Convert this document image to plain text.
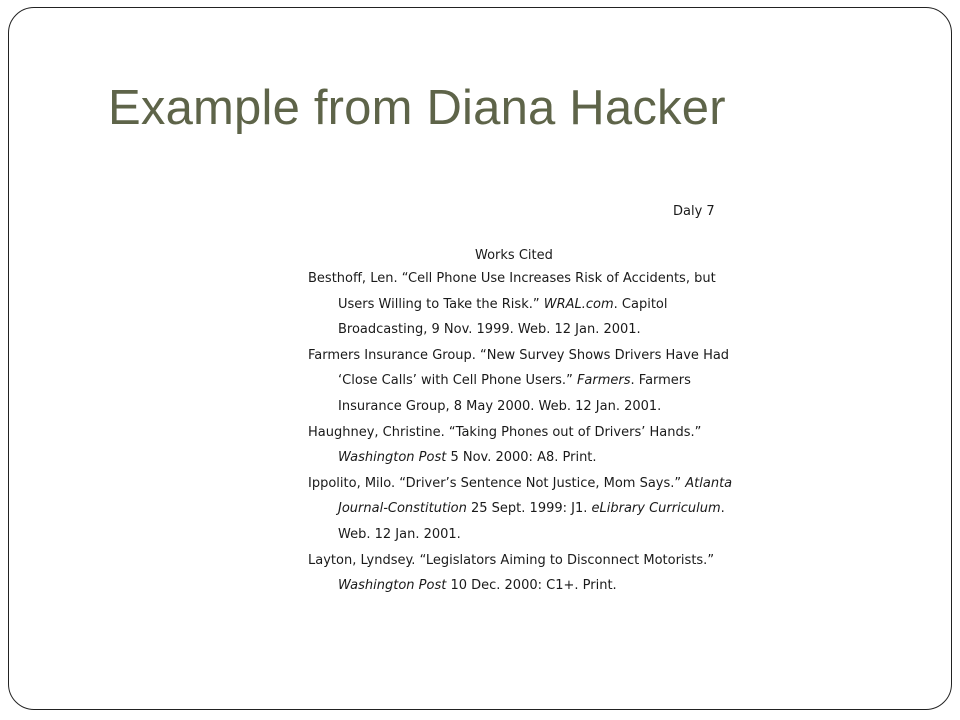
Example from Diana Hacker
Daly 7
Works Cited

Besthoff, Len. “Cell Phone Use Increases Risk of Accidents, but
Users Willing to Take the Risk.” WRAL.com. Capitol
Broadcasting, 9 Nov. 1999. Web. 12 Jan. 2001.

Farmers Insurance Group. “New Survey Shows Drivers Have Had
‘Close Calls’ with Cell Phone Users.” Farmers. Farmers
Insurance Group, 8 May 2000. Web. 12 Jan. 2001.

Haughney, Christine. “Taking Phones out of Drivers’ Hands.”
Washington Post 5 Nov. 2000: A8. Print.

Ippolito, Milo. “Driver’s Sentence Not Justice, Mom Says.” Atlanta
Journal-Constitution 25 Sept. 1999: J1. eLibrary Curriculum.
Web. 12 Jan. 2001.

Layton, Lyndsey. “Legislators Aiming to Disconnect Motorists.”
Washington Post 10 Dec. 2000: C1+. Print.
